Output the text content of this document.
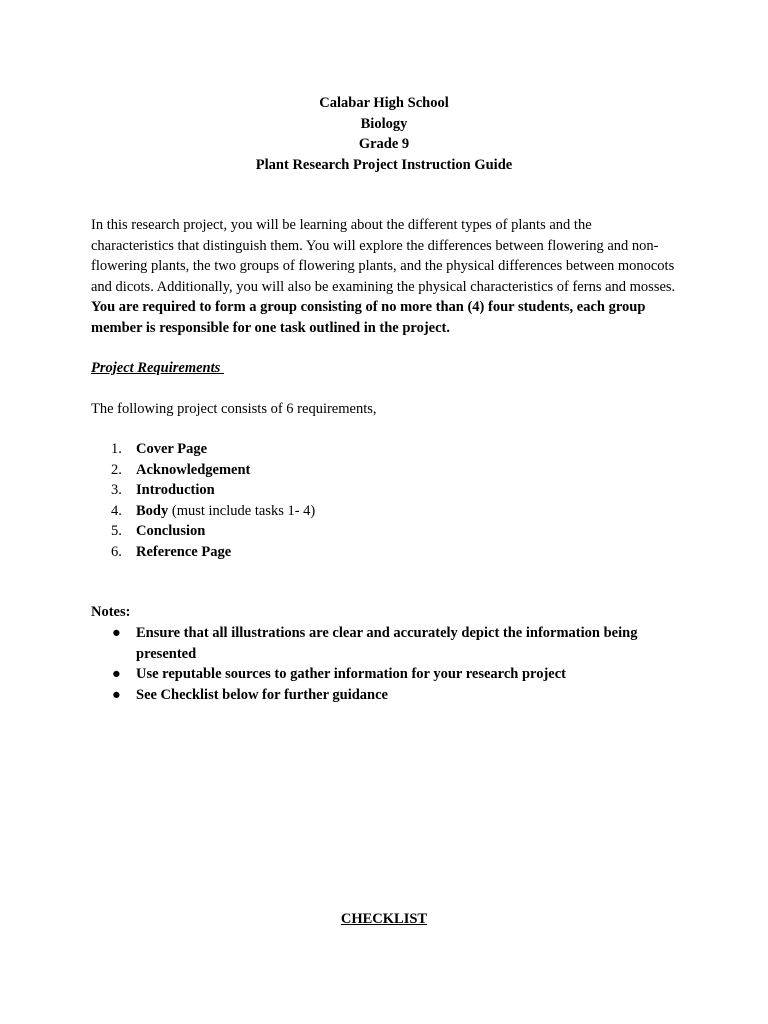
Calabar High School
Biology
Grade 9
Plant Research Project Instruction Guide
In this research project, you will be learning about the different types of plants and the characteristics that distinguish them. You will explore the differences between flowering and non-flowering plants, the two groups of flowering plants, and the physical differences between monocots and dicots. Additionally, you will also be examining the physical characteristics of ferns and mosses. You are required to form a group consisting of no more than (4) four students, each group member is responsible for one task outlined in the project.
Project Requirements
The following project consists of 6 requirements,
1. Cover Page
2. Acknowledgement
3. Introduction
4. Body (must include tasks 1- 4)
5. Conclusion
6. Reference Page
Notes:
● Ensure that all illustrations are clear and accurately depict the information being presented
● Use reputable sources to gather information for your research project
● See Checklist below for further guidance
CHECKLIST
